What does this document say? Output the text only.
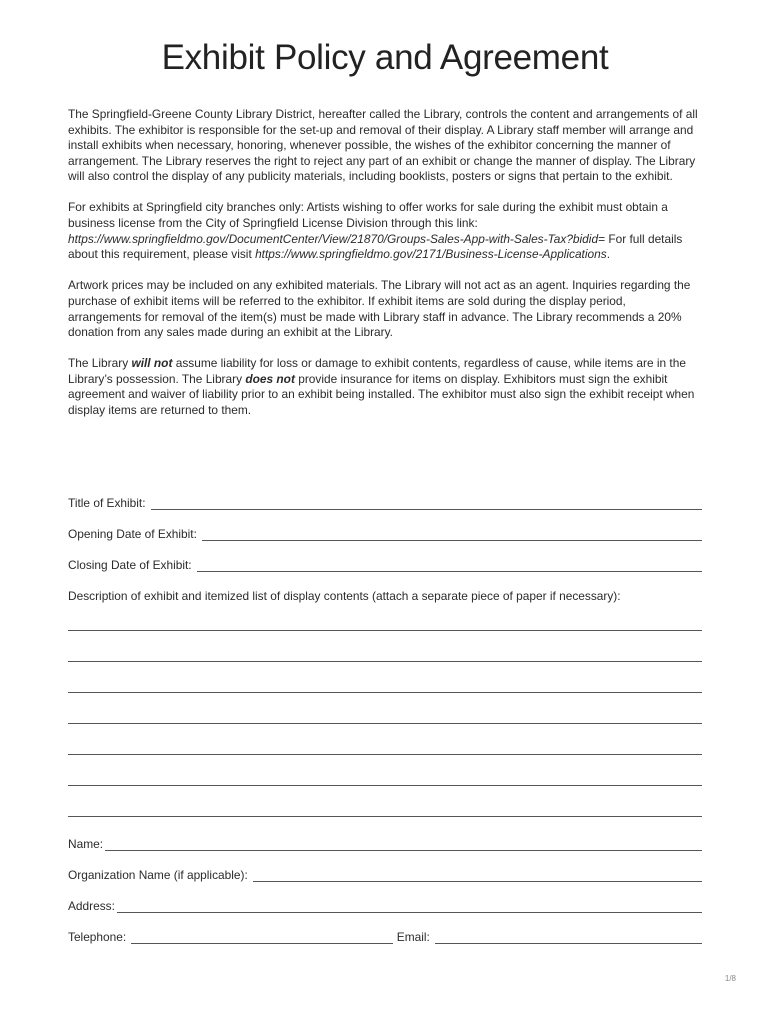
Exhibit Policy and Agreement

The Springfield-Greene County Library District, hereafter called the Library, controls the content and arrangements of all exhibits. The exhibitor is responsible for the set-up and removal of their display. A Library staff member will arrange and install exhibits when necessary, honoring, whenever possible, the wishes of the exhibitor concerning the manner of arrangement. The Library reserves the right to reject any part of an exhibit or change the manner of display. The Library will also control the display of any publicity materials, including booklists, posters or signs that pertain to the exhibit.

For exhibits at Springfield city branches only: Artists wishing to offer works for sale during the exhibit must obtain a business license from the City of Springfield License Division through this link: https://www.springfieldmo.gov/DocumentCenter/View/21870/Groups-Sales-App-with-Sales-Tax?bidid= For full details about this requirement, please visit https://www.springfieldmo.gov/2171/Business-License-Applications.

Artwork prices may be included on any exhibited materials. The Library will not act as an agent. Inquiries regarding the purchase of exhibit items will be referred to the exhibitor. If exhibit items are sold during the display period, arrangements for removal of the item(s) must be made with Library staff in advance. The Library recommends a 20% donation from any sales made during an exhibit at the Library.

The Library will not assume liability for loss or damage to exhibit contents, regardless of cause, while items are in the Library’s possession. The Library does not provide insurance for items on display. Exhibitors must sign the exhibit agreement and waiver of liability prior to an exhibit being installed. The exhibitor must also sign the exhibit receipt when display items are returned to them.

Title of Exhibit:
Opening Date of Exhibit:
Closing Date of Exhibit:
Description of exhibit and itemized list of display contents (attach a separate piece of paper if necessary):
Name:
Organization Name (if applicable):
Address:
Telephone:	Email:
1/8
